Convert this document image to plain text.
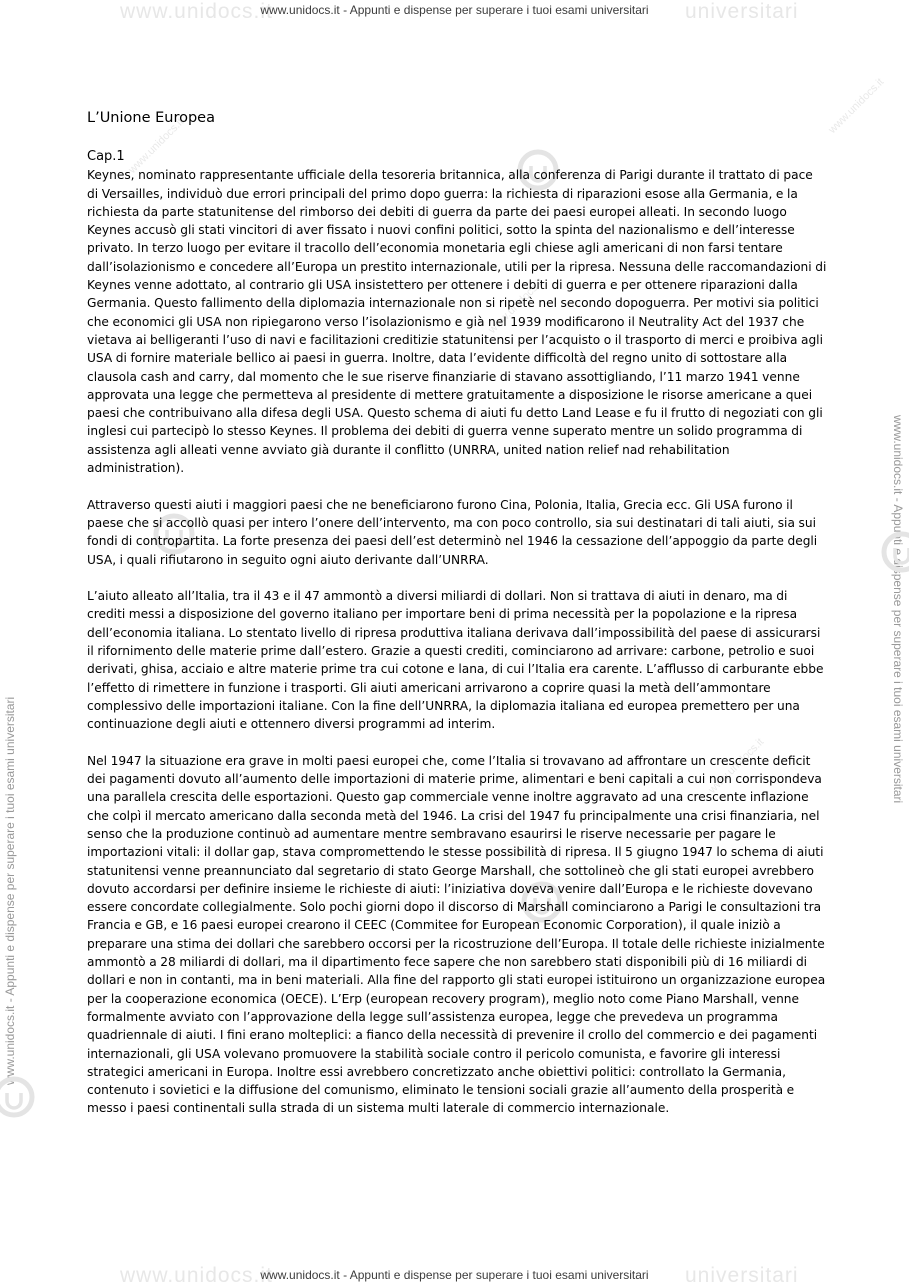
www.unidocs.it	universitari
www.unidocs.it - Appunti e dispense per superare i tuoi esami universitari
www.unidocs.it	universitari
www.unidocs.it - Appunti e dispense per superare i tuoi esami universitari
www.unidocs.it - Appunti e dispense per superare i tuoi esami universitari
www.unidocs.it - Appunti e dispense per superare i tuoi esami universitari
www.unidocs.it
www.unidocs.it
www.unidocs.it
www.unidocs.it
L’Unione Europea
Cap.1

Keynes, nominato rappresentante ufficiale della tesoreria britannica, alla conferenza di Parigi durante il trattato di pace di Versailles, individuò due errori principali del primo dopo guerra: la richiesta di riparazioni esose alla Germania, e la richiesta da parte statunitense del rimborso dei debiti di guerra da parte dei paesi europei alleati. In secondo luogo Keynes accusò gli stati vincitori di aver fissato i nuovi confini politici, sotto la spinta del nazionalismo e dell’interesse privato. In terzo luogo per evitare il tracollo dell’economia monetaria egli chiese agli americani di non farsi tentare dall’isolazionismo e concedere all’Europa un prestito internazionale, utili per la ripresa. Nessuna delle raccomandazioni di Keynes venne adottato, al contrario gli USA insistettero per ottenere i debiti di guerra e per ottenere riparazioni dalla Germania. Questo fallimento della diplomazia internazionale non si ripetè nel secondo dopoguerra. Per motivi sia politici che economici gli USA non ripiegarono verso l’isolazionismo e già nel 1939 modificarono il Neutrality Act del 1937 che vietava ai belligeranti l’uso di navi e facilitazioni creditizie statunitensi per l’acquisto o il trasporto di merci e proibiva agli USA di fornire materiale bellico ai paesi in guerra. Inoltre, data l’evidente difficoltà del regno unito di sottostare alla clausola cash and carry, dal momento che le sue riserve finanziarie di stavano assottigliando, l’11 marzo 1941 venne approvata una legge che permetteva al presidente di mettere gratuitamente a disposizione le risorse americane a quei paesi che contribuivano alla difesa degli USA. Questo schema di aiuti fu detto Land Lease e fu il frutto di negoziati con gli inglesi cui partecipò lo stesso Keynes. Il problema dei debiti di guerra venne superato mentre un solido programma di assistenza agli alleati venne avviato già durante il conflitto (UNRRA, united nation relief nad rehabilitation administration).

Attraverso questi aiuti i maggiori paesi che ne beneficiarono furono Cina, Polonia, Italia, Grecia ecc. Gli USA furono il paese che si accollò quasi per intero l’onere dell’intervento, ma con poco controllo, sia sui destinatari di tali aiuti, sia sui fondi di contropartita. La forte presenza dei paesi dell’est determinò nel 1946 la cessazione dell’appoggio da parte degli USA, i quali rifiutarono in seguito ogni aiuto derivante dall’UNRRA.

L’aiuto alleato all’Italia, tra il 43 e il 47 ammontò a diversi miliardi di dollari. Non si trattava di aiuti in denaro, ma di crediti messi a disposizione del governo italiano per importare beni di prima necessità per la popolazione e la ripresa dell’economia italiana. Lo stentato livello di ripresa produttiva italiana derivava dall’impossibilità del paese di assicurarsi il rifornimento delle materie prime dall’estero. Grazie a questi crediti, cominciarono ad arrivare: carbone, petrolio e suoi derivati, ghisa, acciaio e altre materie prime tra cui cotone e lana, di cui l’Italia era carente. L’afflusso di carburante ebbe l’effetto di rimettere in funzione i trasporti. Gli aiuti americani arrivarono a coprire quasi la metà dell’ammontare complessivo delle importazioni italiane. Con la fine dell’UNRRA, la diplomazia italiana ed europea premettero per una continuazione degli aiuti e ottennero diversi programmi ad interim.

Nel 1947 la situazione era grave in molti paesi europei che, come l’Italia si trovavano ad affrontare un crescente deficit dei pagamenti dovuto all’aumento delle importazioni di materie prime, alimentari e beni capitali a cui non corrispondeva una parallela crescita delle esportazioni. Questo gap commerciale venne inoltre aggravato ad una crescente inflazione che colpì il mercato americano dalla seconda metà del 1946. La crisi del 1947 fu principalmente una crisi finanziaria, nel senso che la produzione continuò ad aumentare mentre sembravano esaurirsi le riserve necessarie per pagare le importazioni vitali: il dollar gap, stava compromettendo le stesse possibilità di ripresa. Il 5 giugno 1947 lo schema di aiuti statunitensi venne preannunciato dal segretario di stato George Marshall, che sottolineò che gli stati europei avrebbero dovuto accordarsi per definire insieme le richieste di aiuti: l’iniziativa doveva venire dall’Europa e le richieste dovevano essere concordate collegialmente. Solo pochi giorni dopo il discorso di Marshall cominciarono a Parigi le consultazioni tra Francia e GB, e 16 paesi europei crearono il CEEC (Commitee for European Economic Corporation), il quale iniziò a preparare una stima dei dollari che sarebbero occorsi per la ricostruzione dell’Europa. Il totale delle richieste inizialmente ammontò a 28 miliardi di dollari, ma il dipartimento fece sapere che non sarebbero stati disponibili più di 16 miliardi di dollari e non in contanti, ma in beni materiali. Alla fine del rapporto gli stati europei istituirono un organizzazione europea per la cooperazione economica (OECE). L’Erp (european recovery program), meglio noto come Piano Marshall, venne formalmente avviato con l’approvazione della legge sull’assistenza europea, legge che prevedeva un programma quadriennale di aiuti. I fini erano molteplici: a fianco della necessità di prevenire il crollo del commercio e dei pagamenti internazionali, gli USA volevano promuovere la stabilità sociale contro il pericolo comunista, e favorire gli interessi strategici americani in Europa. Inoltre essi avrebbero concretizzato anche obiettivi politici: controllato la Germania, contenuto i sovietici e la diffusione del comunismo, eliminato le tensioni sociali grazie all’aumento della prosperità e messo i paesi continentali sulla strada di un sistema multi laterale di commercio internazionale.
